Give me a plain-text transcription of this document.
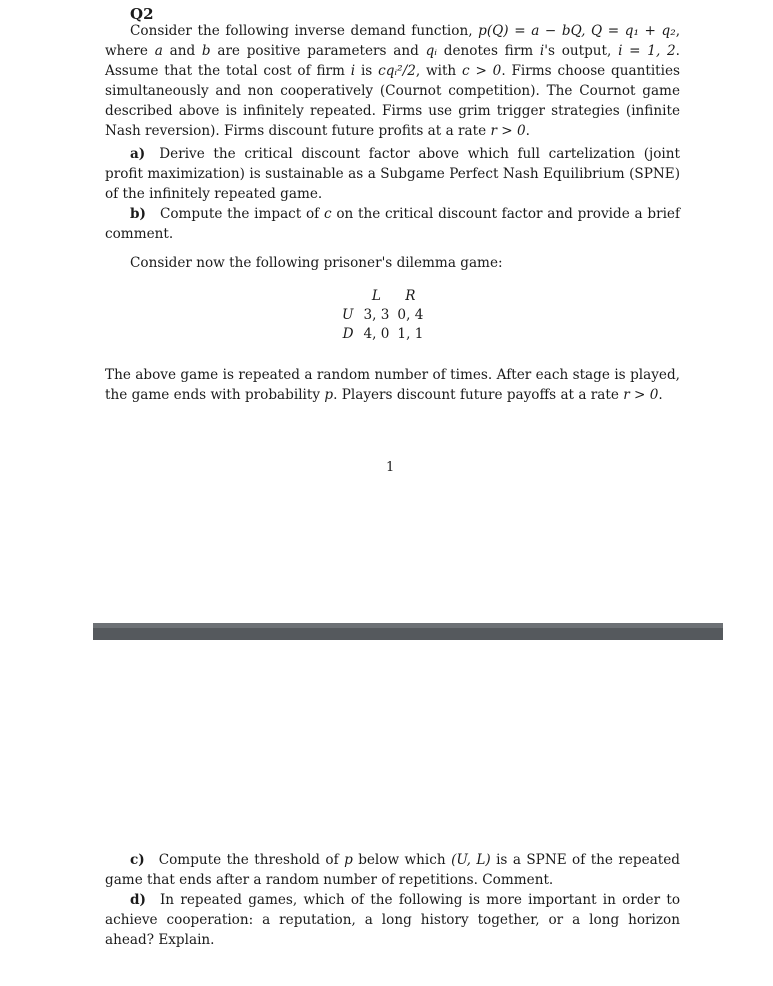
Q2
Consider the following inverse demand function, p(Q) = a − bQ, Q = q₁ + q₂, where a and b are positive parameters and qᵢ denotes firm i's output, i = 1, 2. Assume that the total cost of firm i is cqᵢ²/2, with c > 0. Firms choose quantities simultaneously and non cooperatively (Cournot competition). The Cournot game described above is infinitely repeated. Firms use grim trigger strategies (infinite Nash reversion). Firms discount future profits at a rate r > 0.
a) Derive the critical discount factor above which full cartelization (joint profit maximization) is sustainable as a Subgame Perfect Nash Equilibrium (SPNE) of the infinitely repeated game.
b) Compute the impact of c on the critical discount factor and provide a brief comment.
Consider now the following prisoner's dilemma game:
	L	R
U	3, 3	0, 4
D	4, 0	1, 1
The above game is repeated a random number of times. After each stage is played, the game ends with probability p. Players discount future payoffs at a rate r > 0.
1
c) Compute the threshold of p below which (U, L) is a SPNE of the repeated game that ends after a random number of repetitions. Comment.
d) In repeated games, which of the following is more important in order to achieve cooperation: a reputation, a long history together, or a long horizon ahead? Explain.
